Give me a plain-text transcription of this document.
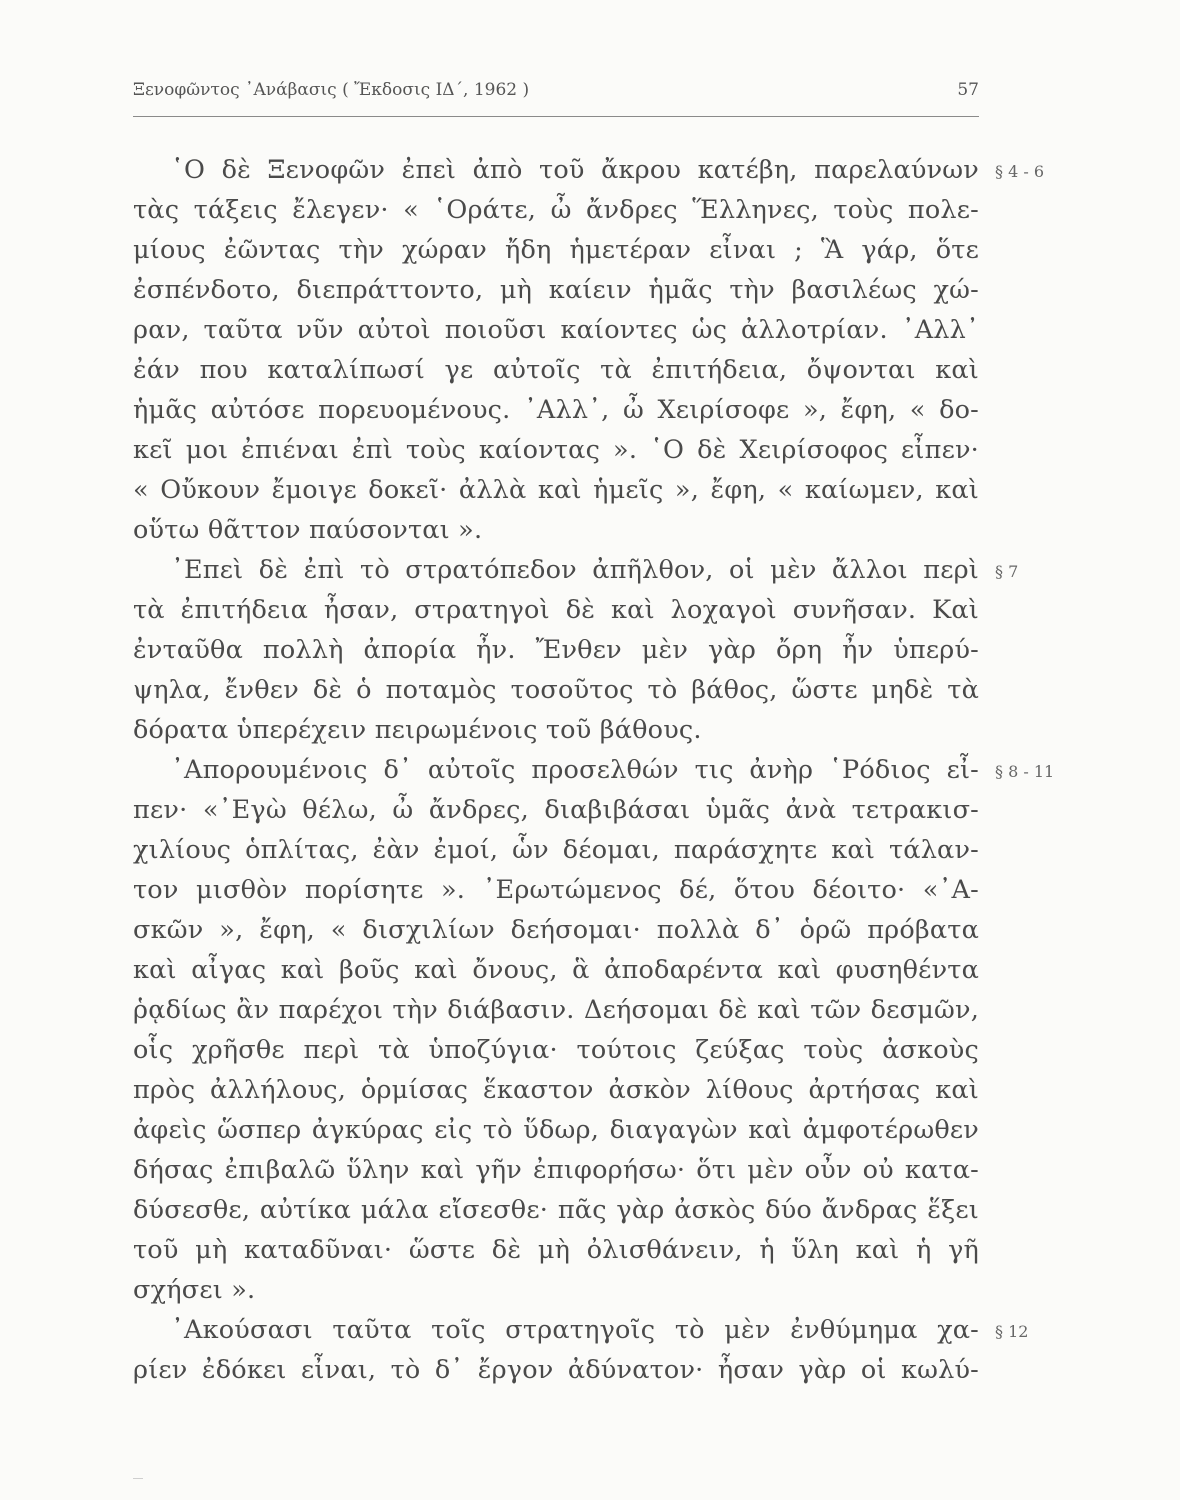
Ξενοφῶντος ᾿Ανάβασις ( Ἔκδοσις ΙΔ΄, 1962 )	57
§ 4 - 6
§ 7
§ 8 - 11
§ 12
῾Ο δὲ Ξενοφῶν ἐπεὶ ἀπὸ τοῦ ἄκρου κατέβη, παρελαύνων
τὰς τάξεις ἔλεγεν· « ῾Οράτε, ὦ ἄνδρες Ἕλληνες, τοὺς πολε-
μίους ἐῶντας τὴν χώραν ἤδη ἡμετέραν εἶναι ; Ἃ γάρ, ὅτε
ἐσπένδοτο, διεπράττοντο, μὴ καίειν ἡμᾶς τὴν βασιλέως χώ-
ραν, ταῦτα νῦν αὐτοὶ ποιοῦσι καίοντες ὡς ἀλλοτρίαν. ᾿Αλλ᾿
ἐάν που καταλίπωσί γε αὐτοῖς τὰ ἐπιτήδεια, ὄψονται καὶ
ἡμᾶς αὐτόσε πορευομένους. ᾿Αλλ᾿, ὦ Χειρίσοφε », ἔφη, « δο-
κεῖ μοι ἐπιέναι ἐπὶ τοὺς καίοντας ». ῾Ο δὲ Χειρίσοφος εἶπεν·
« Οὔκουν ἔμοιγε δοκεῖ· ἀλλὰ καὶ ἡμεῖς », ἔφη, « καίωμεν, καὶ
οὕτω θᾶττον παύσονται ».
᾿Επεὶ δὲ ἐπὶ τὸ στρατόπεδον ἀπῆλθον, οἱ μὲν ἄλλοι περὶ
τὰ ἐπιτήδεια ἦσαν, στρατηγοὶ δὲ καὶ λοχαγοὶ συνῆσαν. Καὶ
ἐνταῦθα πολλὴ ἀπορία ἦν. Ἔνθεν μὲν γὰρ ὄρη ἦν ὑπερύ-
ψηλα, ἔνθεν δὲ ὁ ποταμὸς τοσοῦτος τὸ βάθος, ὥστε μηδὲ τὰ
δόρατα ὑπερέχειν πειρωμένοις τοῦ βάθους.
᾿Απορουμένοις δ᾿ αὐτοῖς προσελθών τις ἀνὴρ ῾Ρόδιος εἶ-
πεν· «᾿Εγὼ θέλω, ὦ ἄνδρες, διαβιβάσαι ὑμᾶς ἀνὰ τετρακισ-
χιλίους ὁπλίτας, ἐὰν ἐμοί, ὧν δέομαι, παράσχητε καὶ τάλαν-
τον μισθὸν πορίσητε ». ᾿Ερωτώμενος δέ, ὅτου δέοιτο· «᾿Α-
σκῶν », ἔφη, « δισχιλίων δεήσομαι· πολλὰ δ᾿ ὁρῶ πρόβατα
καὶ αἶγας καὶ βοῦς καὶ ὄνους, ἃ ἀποδαρέντα καὶ φυσηθέντα
ῥᾳδίως ἂν παρέχοι τὴν διάβασιν. Δεήσομαι δὲ καὶ τῶν δεσμῶν,
οἷς χρῆσθε περὶ τὰ ὑποζύγια· τούτοις ζεύξας τοὺς ἀσκοὺς
πρὸς ἀλλήλους, ὁρμίσας ἕκαστον ἀσκὸν λίθους ἀρτήσας καὶ
ἀφεὶς ὥσπερ ἀγκύρας εἰς τὸ ὕδωρ, διαγαγὼν καὶ ἀμφοτέρωθεν
δήσας ἐπιβαλῶ ὕλην καὶ γῆν ἐπιφορήσω· ὅτι μὲν οὖν οὐ κατα-
δύσεσθε, αὐτίκα μάλα εἴσεσθε· πᾶς γὰρ ἀσκὸς δύο ἄνδρας ἕξει
τοῦ μὴ καταδῦναι· ὥστε δὲ μὴ ὀλισθάνειν, ἡ ὕλη καὶ ἡ γῆ
σχήσει ».
᾿Ακούσασι ταῦτα τοῖς στρατηγοῖς τὸ μὲν ἐνθύμημα χα-
ρίεν ἐδόκει εἶναι, τὸ δ᾿ ἔργον ἀδύνατον· ἦσαν γὰρ οἱ κωλύ-
